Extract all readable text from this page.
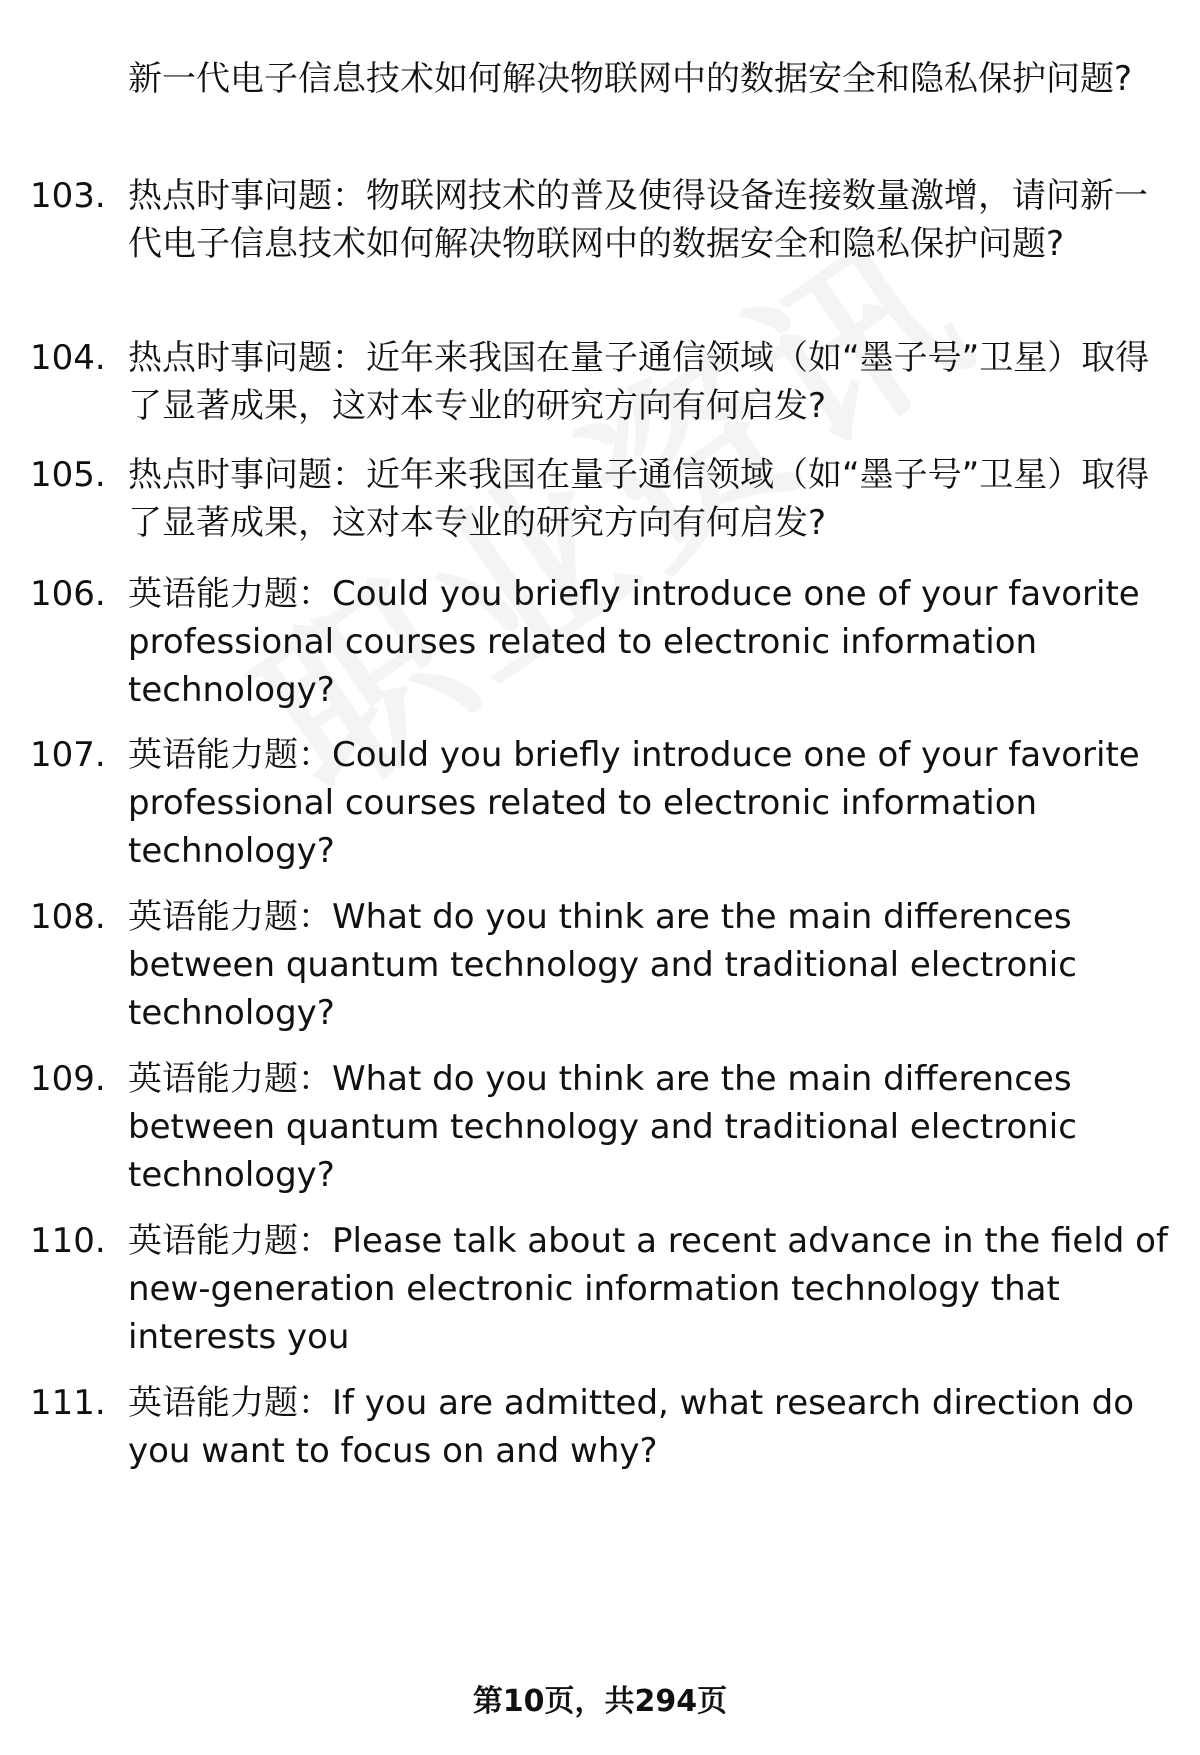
新一代电子信息技术如何解决物联网中的数据安全和隐私保护问题?
103. 热点时事问题：物联网技术的普及使得设备连接数量激增，请问新一代电子信息技术如何解决物联网中的数据安全和隐私保护问题?
104. 热点时事问题：近年来我国在量子通信领域（如“墨子号”卫星）取得了显著成果，这对本专业的研究方向有何启发?
105. 热点时事问题：近年来我国在量子通信领域（如“墨子号”卫星）取得了显著成果，这对本专业的研究方向有何启发?
106. 英语能力题：Could you briefly introduce one of your favorite professional courses related to electronic information technology?
107. 英语能力题：Could you briefly introduce one of your favorite professional courses related to electronic information technology?
108. 英语能力题：What do you think are the main differences between quantum technology and traditional electronic technology?
109. 英语能力题：What do you think are the main differences between quantum technology and traditional electronic technology?
110. 英语能力题：Please talk about a recent advance in the field of new-generation electronic information technology that interests you
111. 英语能力题：If you are admitted, what research direction do you want to focus on and why?
第10页，共294页
